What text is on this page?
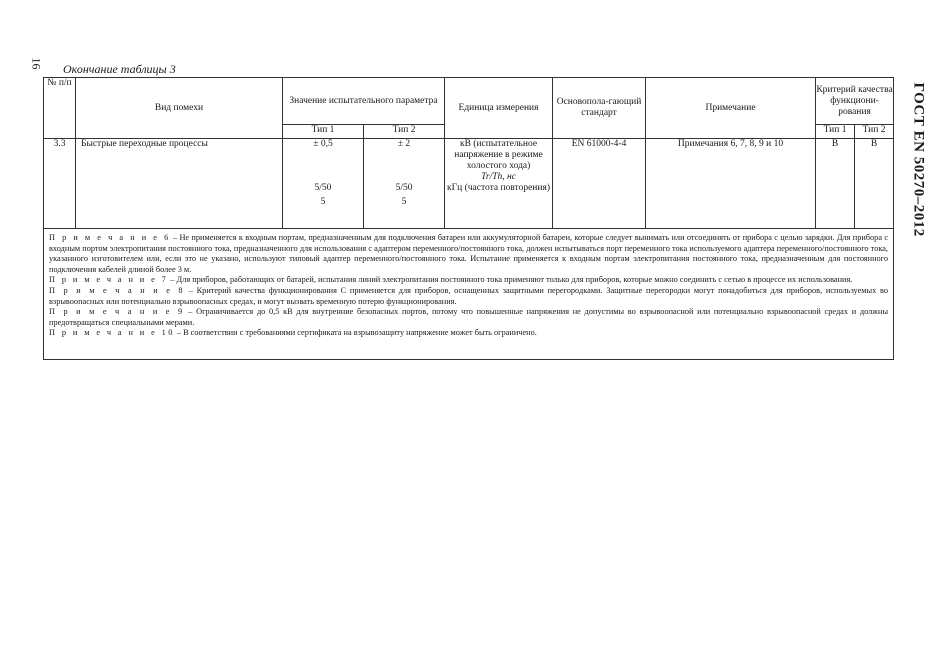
16
ГОСТ EN 50270–2012
Окончание таблицы 3
№ п/п	Вид помехи	Значение испытательного параметра		Единица измерения	Основопола-гающий стандарт	Примечание	Критерий качества функциони-рования	
		Тип 1	Тип 2				Тип 1	Тип 2
3.3	Быстрые переходные процессы	± 0,5
5/50
5	± 2
5/50
5	кВ (испытательное напряжение в режиме холостого хода)
Tr/Th, нс
кГц (частота повторения)	EN 61000-4-4	Примечания 6, 7, 8, 9 и 10	B	B

П р и м е ч а н и е 6 – Не применяется к входным портам, предназначенным для подключения батареи или аккумуляторной батареи, которые следует вынимать или отсоединять от прибора с целью зарядки. Для прибора с входным портом электропитания постоянного тока, предназначенного для использования с адаптером переменного/постоянного тока, должен испытываться порт переменного тока используемого адаптера переменного/постоянного тока, указанного изготовителем или, если это не указано, используют типовый адаптер переменного/постоянного тока. Испытание применяется к входным портам электропитания постоянного тока, предназначенным для постоянного подключения кабелей длиной более 3 м.

П р и м е ч а н и е 7 – Для приборов, работающих от батарей, испытания линий электропитания постоянного тока применяют только для приборов, которые можно соединить с сетью в процессе их использования.

П р и м е ч а н и е 8 – Критерий качества функционирования С применяется для приборов, оснащенных защитными перегородками. Защитные перегородки могут понадобиться для приборов, используемых во взрывоопасных или потенциально взрывоопасных средах, и могут вызвать временную потерю функционирования.

П р и м е ч а н и е 9 – Ограничивается до 0,5 кВ для внутренние безопасных портов, потому что повышенные напряжения не допустимы во взрывоопасной или потенциально взрывоопасной средах и должны предотвращаться специальными мерами.

П р и м е ч а н и е 10 – В соответствии с требованиями сертификата на взрывозащиту напряжение может быть ограничено.								
